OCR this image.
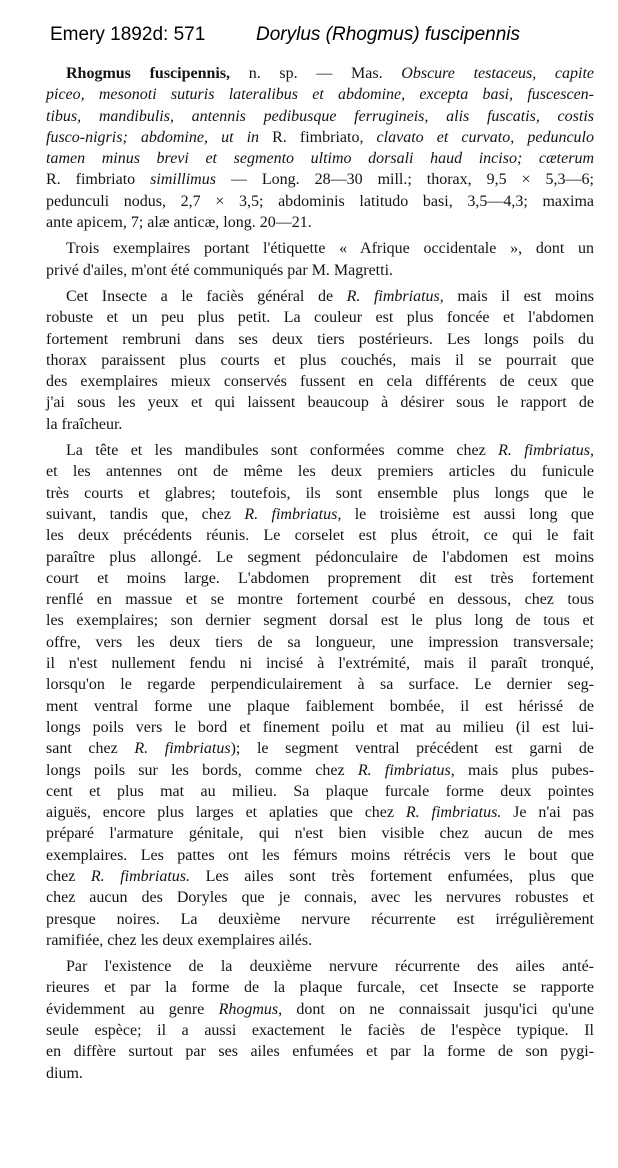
Emery 1892d: 571	Dorylus (Rhogmus) fuscipennis
Rhogmus fuscipennis, n. sp. — Mas. Obscure testaceus, capite
piceo, mesonoti suturis lateralibus et abdomine, excepta basi, fuscescen-
tibus, mandibulis, antennis pedibusque ferrugineis, alis fuscatis, costis
fusco-nigris; abdomine, ut in R. fimbriato, clavato et curvato, pedunculo
tamen minus brevi et segmento ultimo dorsali haud inciso; cæterum
R. fimbriato simillimus — Long. 28—30 mill.; thorax, 9,5 × 5,3—6;
pedunculi nodus, 2,7 × 3,5; abdominis latitudo basi, 3,5—4,3; maxima
ante apicem, 7; alæ anticæ, long. 20—21.
Trois exemplaires portant l'étiquette « Afrique occidentale », dont un
privé d'ailes, m'ont été communiqués par M. Magretti.
Cet Insecte a le faciès général de R. fimbriatus, mais il est moins
robuste et un peu plus petit. La couleur est plus foncée et l'abdomen
fortement rembruni dans ses deux tiers postérieurs. Les longs poils du
thorax paraissent plus courts et plus couchés, mais il se pourrait que
des exemplaires mieux conservés fussent en cela différents de ceux que
j'ai sous les yeux et qui laissent beaucoup à désirer sous le rapport de
la fraîcheur.
La tête et les mandibules sont conformées comme chez R. fimbriatus,
et les antennes ont de même les deux premiers articles du funicule
très courts et glabres; toutefois, ils sont ensemble plus longs que le
suivant, tandis que, chez R. fimbriatus, le troisième est aussi long que
les deux précédents réunis. Le corselet est plus étroit, ce qui le fait
paraître plus allongé. Le segment pédonculaire de l'abdomen est moins
court et moins large. L'abdomen proprement dit est très fortement
renflé en massue et se montre fortement courbé en dessous, chez tous
les exemplaires; son dernier segment dorsal est le plus long de tous et
offre, vers les deux tiers de sa longueur, une impression transversale;
il n'est nullement fendu ni incisé à l'extrémité, mais il paraît tronqué,
lorsqu'on le regarde perpendiculairement à sa surface. Le dernier seg-
ment ventral forme une plaque faiblement bombée, il est hérissé de
longs poils vers le bord et finement poilu et mat au milieu (il est lui-
sant chez R. fimbriatus); le segment ventral précédent est garni de
longs poils sur les bords, comme chez R. fimbriatus, mais plus pubes-
cent et plus mat au milieu. Sa plaque furcale forme deux pointes
aiguës, encore plus larges et aplaties que chez R. fimbriatus. Je n'ai pas
préparé l'armature génitale, qui n'est bien visible chez aucun de mes
exemplaires. Les pattes ont les fémurs moins rétrécis vers le bout que
chez R. fimbriatus. Les ailes sont très fortement enfumées, plus que
chez aucun des Doryles que je connais, avec les nervures robustes et
presque noires. La deuxième nervure récurrente est irrégulièrement
ramifiée, chez les deux exemplaires ailés.
Par l'existence de la deuxième nervure récurrente des ailes anté-
rieures et par la forme de la plaque furcale, cet Insecte se rapporte
évidemment au genre Rhogmus, dont on ne connaissait jusqu'ici qu'une
seule espèce; il a aussi exactement le faciès de l'espèce typique. Il
en diffère surtout par ses ailes enfumées et par la forme de son pygi-
dium.
